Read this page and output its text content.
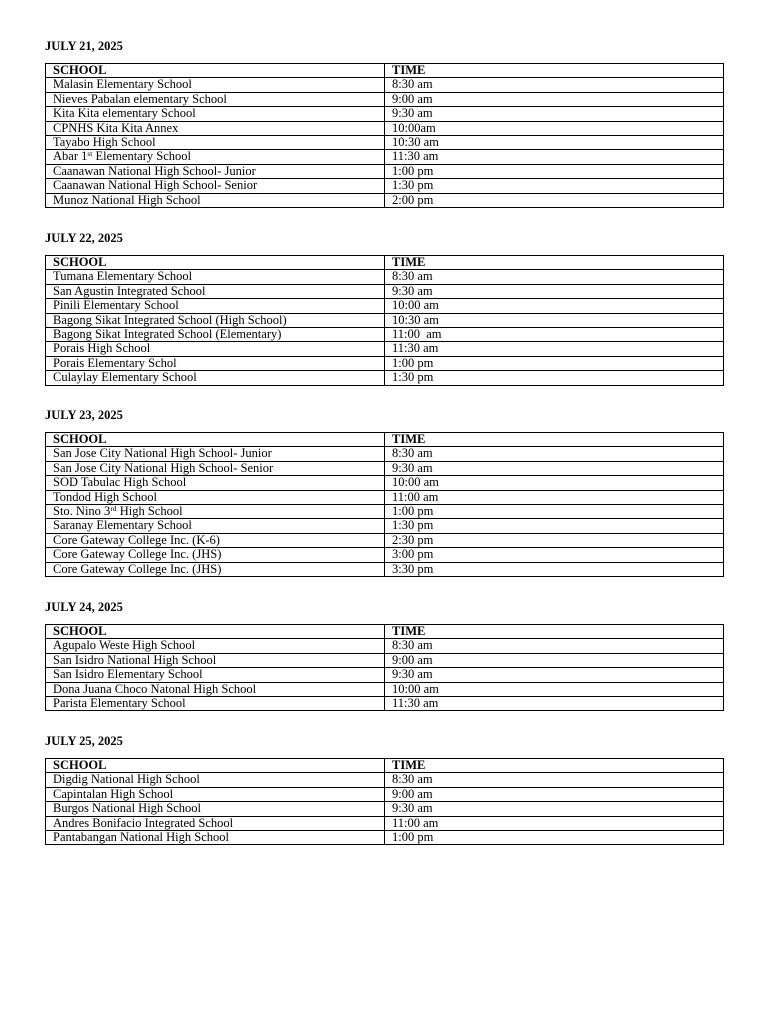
JULY 21, 2025
SCHOOL	TIME
Malasin Elementary School	8:30 am
Nieves Pabalan elementary School	9:00 am
Kita Kita elementary School	9:30 am
CPNHS Kita Kita Annex	10:00am
Tayabo High School	10:30 am
Abar 1st Elementary School	11:30 am
Caanawan National High School- Junior	1:00 pm
Caanawan National High School- Senior	1:30 pm
Munoz National High School	2:00 pm
JULY 22, 2025
SCHOOL	TIME
Tumana Elementary School	8:30 am
San Agustin Integrated School	9:30 am
Pinili Elementary School	10:00 am
Bagong Sikat Integrated School (High School)	10:30 am
Bagong Sikat Integrated School (Elementary)	11:00  am
Porais High School	11:30 am
Porais Elementary Schol	1:00 pm
Culaylay Elementary School	1:30 pm
JULY 23, 2025
SCHOOL	TIME
San Jose City National High School- Junior	8:30 am
San Jose City National High School- Senior	9:30 am
SOD Tabulac High School	10:00 am
Tondod High School	11:00 am
Sto. Nino 3rd High School	1:00 pm
Saranay Elementary School	1:30 pm
Core Gateway College Inc. (K-6)	2:30 pm
Core Gateway College Inc. (JHS)	3:00 pm
Core Gateway College Inc. (JHS)	3:30 pm
JULY 24, 2025
SCHOOL	TIME
Agupalo Weste High School	8:30 am
San Isidro National High School	9:00 am
San Isidro Elementary School	9:30 am
Dona Juana Choco Natonal High School	10:00 am
Parista Elementary School	11:30 am
JULY 25, 2025
SCHOOL	TIME
Digdig National High School	8:30 am
Capintalan High School	9:00 am
Burgos National High School	9:30 am
Andres Bonifacio Integrated School	11:00 am
Pantabangan National High School	1:00 pm
